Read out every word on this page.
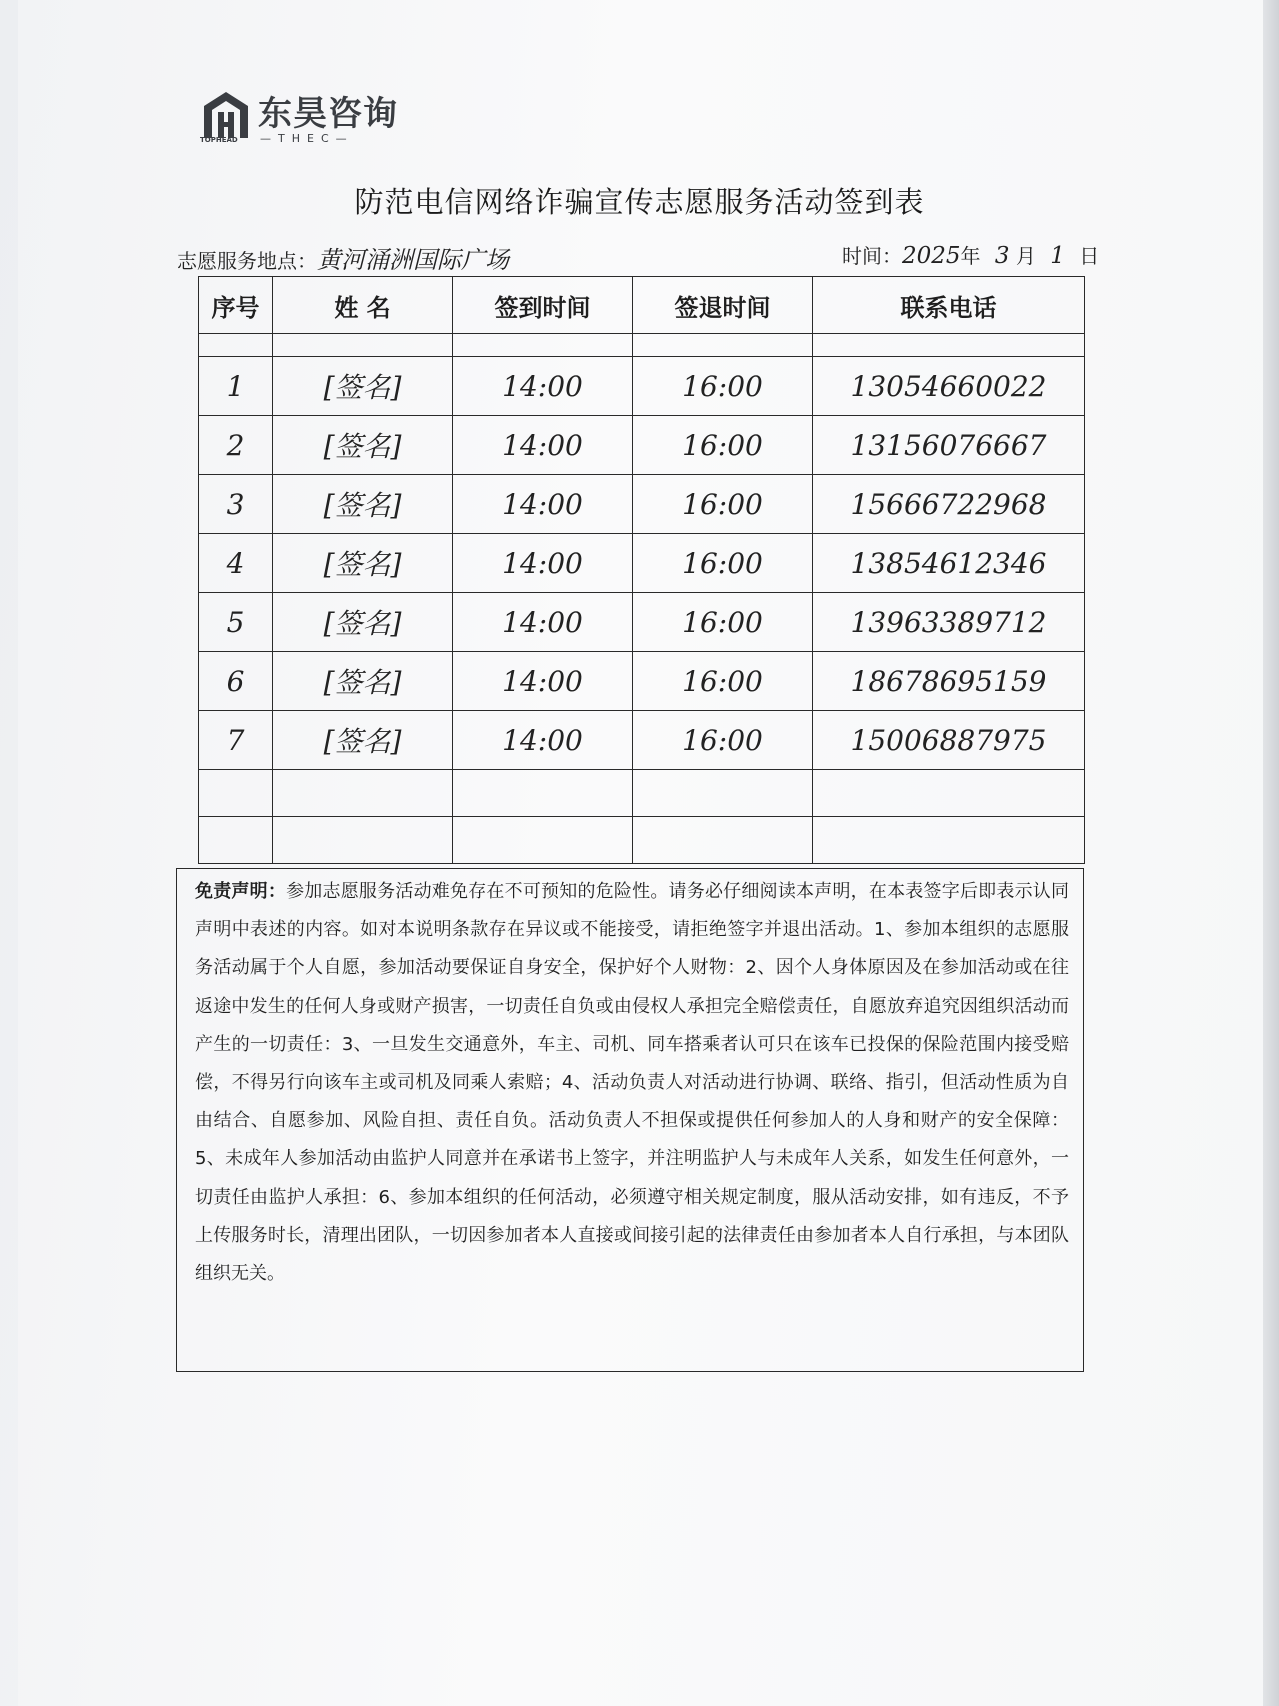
TOPHEAD
东昊咨询
—THEC—
防范电信网络诈骗宣传志愿服务活动签到表
志愿服务地点：黄河涌洲国际广场	时间：2025年 3 月 1 日
序号	姓 名	签到时间	签退时间	联系电话

1	[签名]	14:00	16:00	13054660022
2	[签名]	14:00	16:00	13156076667
3	[签名]	14:00	16:00	15666722968
4	[签名]	14:00	16:00	13854612346
5	[签名]	14:00	16:00	13963389712
6	[签名]	14:00	16:00	18678695159
7	[签名]	14:00	16:00	15006887975

免责声明：参加志愿服务活动难免存在不可预知的危险性。请务必仔细阅读本声明，在本表签字后即表示认同声明中表述的内容。如对本说明条款存在异议或不能接受，请拒绝签字并退出活动。1、参加本组织的志愿服务活动属于个人自愿，参加活动要保证自身安全，保护好个人财物：2、因个人身体原因及在参加活动或在往返途中发生的任何人身或财产损害，一切责任自负或由侵权人承担完全赔偿责任，自愿放弃追究因组织活动而产生的一切责任：3、一旦发生交通意外，车主、司机、同车搭乘者认可只在该车已投保的保险范围内接受赔偿，不得另行向该车主或司机及同乘人索赔；4、活动负责人对活动进行协调、联络、指引，但活动性质为自由结合、自愿参加、风险自担、责任自负。活动负责人不担保或提供任何参加人的人身和财产的安全保障：5、未成年人参加活动由监护人同意并在承诺书上签字，并注明监护人与未成年人关系，如发生任何意外，一切责任由监护人承担：6、参加本组织的任何活动，必须遵守相关规定制度，服从活动安排，如有违反，不予上传服务时长，清理出团队，一切因参加者本人直接或间接引起的法律责任由参加者本人自行承担，与本团队组织无关。
